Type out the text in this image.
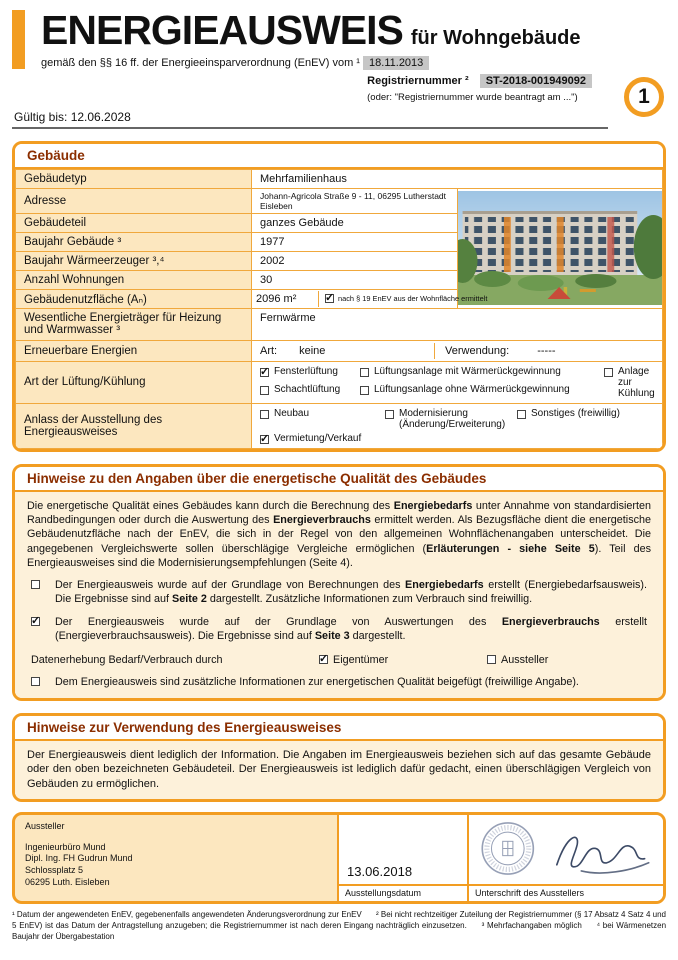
ENERGIEAUSWEIS für Wohngebäude
gemäß den §§ 16 ff. der Energieeinsparverordnung (EnEV) vom ¹ 18.11.2013
Registriernummer ² ST-2018-001949092
(oder: "Registriernummer wurde beantragt am ...")
Gültig bis: 12.06.2028
1
Gebäude
Gebäudetyp	Mehrfamilienhaus	
Adresse	Johann-Agricola Straße 9 - 11, 06295 Lutherstadt Eisleben	

Gebäudeteil	ganzes Gebäude	
Baujahr Gebäude ³	1977	
Baujahr Wärmeerzeuger ³,⁴	2002	
Anzahl Wohnungen	30	
Gebäudenutzfläche (Aₙ)	2096 m² ✓ nach § 19 EnEV aus der Wohnfläche ermittelt

Wesentliche Energieträger für Heizung und Warmwasser ³	Fernwärme	
Erneuerbare Energien	Art: keine Verwendung: -----	

Art der Lüftung/Kühlung	
✓
Fensterlüftung Lüftungsanlage mit Wärmerückgewinnung Anlage zur Kühlung
Schachtlüftung Lüftungsanlage ohne Wärmerückgewinnung

Anlass der Ausstellung des Energieausweises	Neubau Modernisierung (Änderung/Erweiterung)
Sonstiges (freiwillig)
✓
Vermietung/Verkauf
Hinweise zu den Angaben über die energetische Qualität des Gebäudes

Die energetische Qualität eines Gebäudes kann durch die Berechnung des Energiebedarfs unter Annahme von standardisierten Randbedingungen oder durch die Auswertung des Energieverbrauchs ermittelt werden. Als Bezugsfläche dient die energetische Gebäudenutzfläche nach der EnEV, die sich in der Regel von den allgemeinen Wohnflächenangaben unterscheidet. Die angegebenen Vergleichswerte sollen überschlägige Vergleiche ermöglichen (Erläuterungen - siehe Seite 5). Teil des Energieausweises sind die Modernisierungsempfehlungen (Seite 4).

Der Energieausweis wurde auf der Grundlage von Berechnungen des Energiebedarfs erstellt (Energiebedarfsausweis). Die Ergebnisse sind auf Seite 2 dargestellt. Zusätzliche Informationen zum Verbrauch sind freiwillig.
✓
Der Energieausweis wurde auf der Grundlage von Auswertungen des Energieverbrauchs erstellt (Energieverbrauchsausweis). Die Ergebnisse sind auf Seite 3 dargestellt.
Datenerhebung Bedarf/Verbrauch durch ✓	Eigentümer	Aussteller
Dem Energieausweis sind zusätzliche Informationen zur energetischen Qualität beigefügt (freiwillige Angabe).
Hinweise zur Verwendung des Energieausweises

Der Energieausweis dient lediglich der Information. Die Angaben im Energieausweis beziehen sich auf das gesamte Gebäude oder den oben bezeichneten Gebäudeteil. Der Energieausweis ist lediglich dafür gedacht, einen überschlägigen Vergleich von Gebäuden zu ermöglichen.

Aussteller
Ingenieurbüro Mund
Dipl. Ing. FH Gudrun Mund
Schlossplatz 5
06295 Luth. Eisleben
13.06.2018
Ausstellungsdatum	Unterschrift des Ausstellers
¹ Datum der angewendeten EnEV, gegebenenfalls angewendeten Änderungsverordnung zur EnEV ² Bei nicht rechtzeitiger Zuteilung der Registriernummer (§ 17 Absatz 4 Satz 4 und 5 EnEV) ist das Datum der Antragstellung anzugeben; die Registriernummer ist nach deren Eingang nachträglich einzusetzen. ³ Mehrfachangaben möglich ⁴ bei Wärmenetzen Baujahr der Übergabestation
